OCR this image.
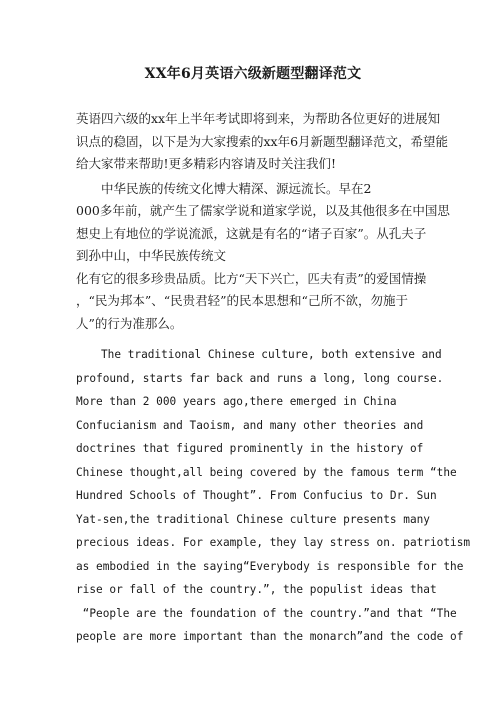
XX年6月英语六级新题型翻译范文
英语四六级的xx年上半年考试即将到来，为帮助各位更好的进展知
识点的稳固，以下是为大家搜索的xx年6月新题型翻译范文，希望能
给大家带来帮助!更多精彩内容请及时关注我们!
中华民族的传统文化博大精深、源远流长。早在2
000多年前，就产生了儒家学说和道家学说，以及其他很多在中国思
想史上有地位的学说流派，这就是有名的“诸子百家”。从孔夫子
到孙中山，中华民族传统文
化有它的很多珍贵品质。比方“天下兴亡，匹夫有责”的爱国情操
，“民为邦本”、“民贵君轻”的民本思想和“己所不欲，勿施于
人”的行为准那么。
The traditional Chinese culture, both extensive and
profound, starts far back and runs a long, long course.
More than 2 000 years ago,there emerged in China
Confucianism and Taoism, and many other theories and
doctrines that figured prominently in the history of
Chinese thought,all being covered by the famous term “the
Hundred Schools of Thought”. From Confucius to Dr. Sun
Yat-sen,the traditional Chinese culture presents many
precious ideas. For example, they lay stress on. patriotism
as embodied in the saying“Everybody is responsible for the
rise or fall of the country.”, the populist ideas that
“People are the foundation of the country.”and that “The
people are more important than the monarch”and the code of
